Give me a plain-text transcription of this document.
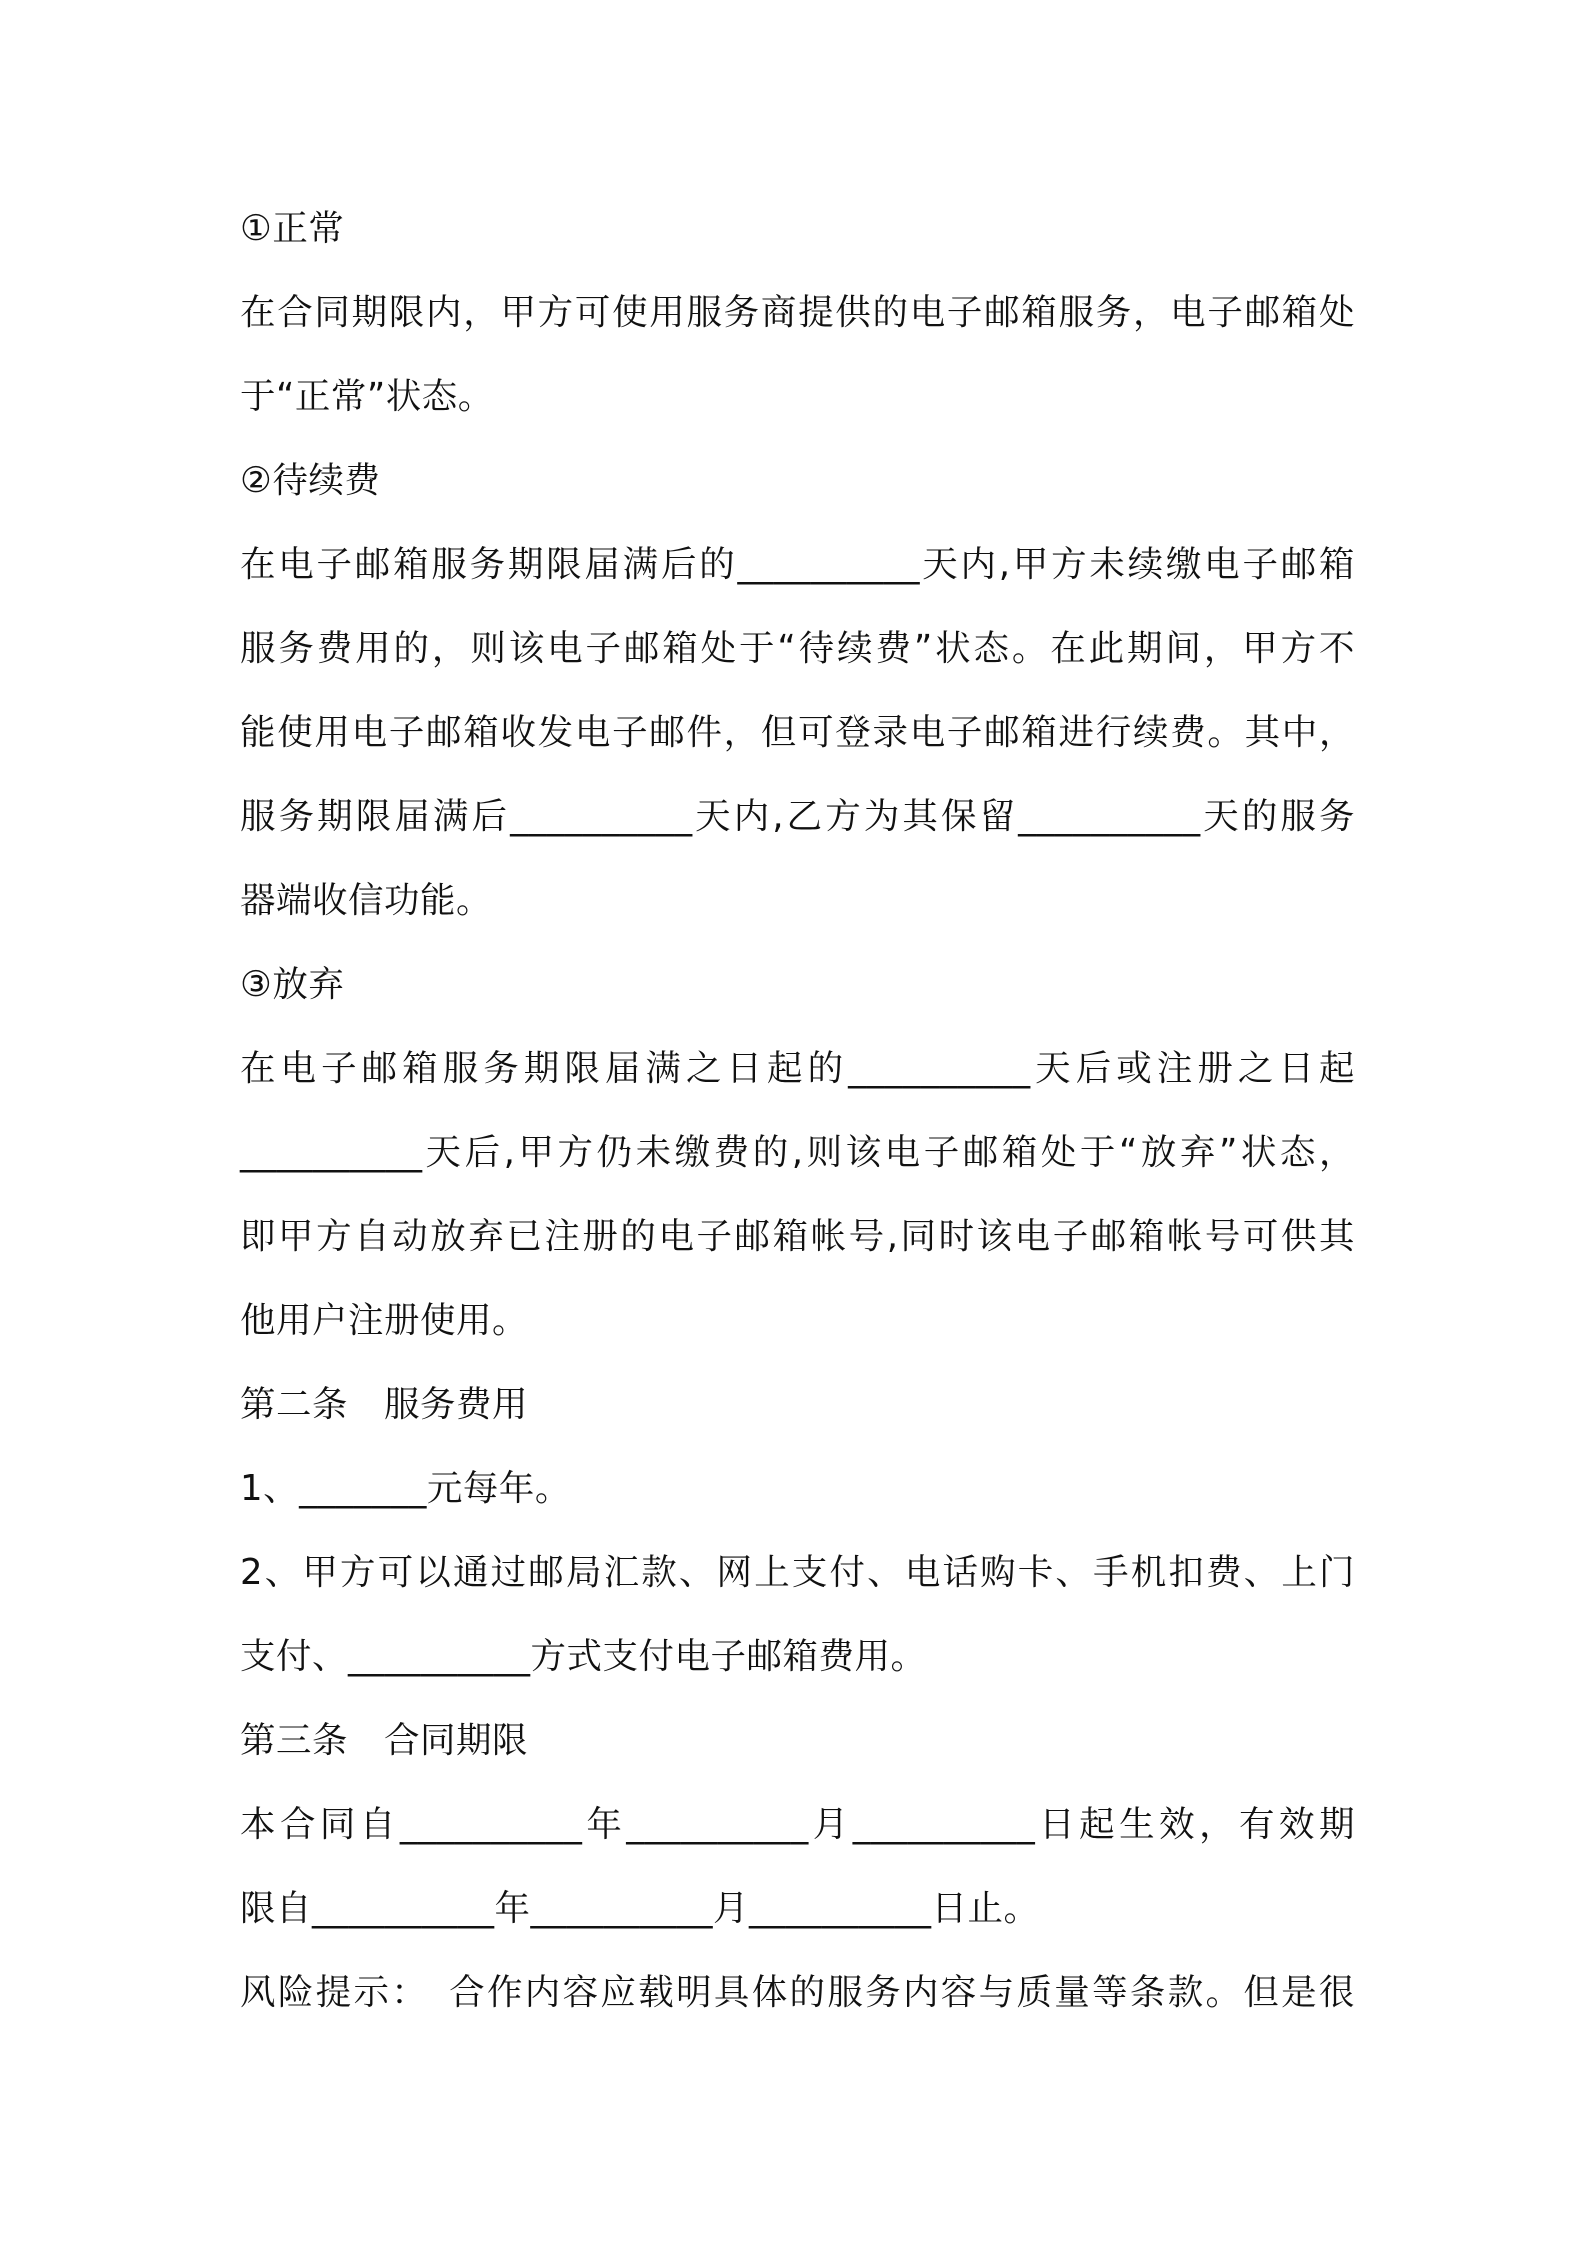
①正常
在合同期限内，甲方可使用服务商提供的电子邮箱服务，电子邮箱处
于“正常”状态。
②待续费
在电子邮箱服务期限届满后的__________天内,甲方未续缴电子邮箱
服务费用的，则该电子邮箱处于“待续费”状态。在此期间，甲方不
能使用电子邮箱收发电子邮件，但可登录电子邮箱进行续费。其中，
服务期限届满后__________天内,乙方为其保留__________天的服务
器端收信功能。
③放弃
在电子邮箱服务期限届满之日起的__________天后或注册之日起
__________天后,甲方仍未缴费的,则该电子邮箱处于“放弃”状态，
即甲方自动放弃已注册的电子邮箱帐号,同时该电子邮箱帐号可供其
他用户注册使用。
第二条　服务费用
1、_______元每年。
2、甲方可以通过邮局汇款、网上支付、电话购卡、手机扣费、上门
支付、__________方式支付电子邮箱费用。
第三条　合同期限
本合同自__________年__________月__________日起生效，有效期
限自__________年__________月__________日止。
风险提示：　合作内容应载明具体的服务内容与质量等条款。但是很
